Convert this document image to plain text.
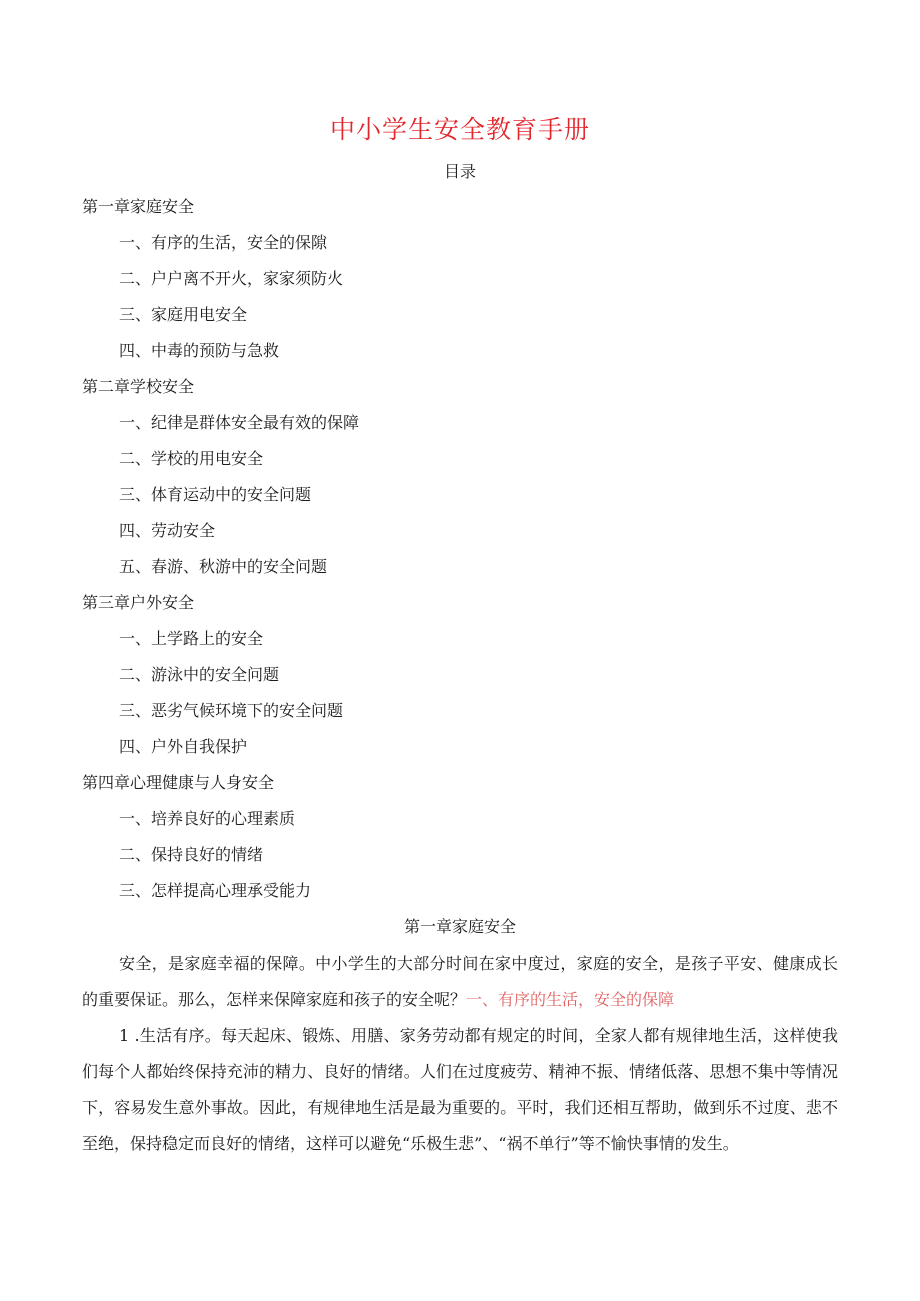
中小学生安全教育手册
目录
第一章家庭安全
一、有序的生活，安全的保隙
二、户户离不开火，家家须防火
三、家庭用电安全
四、中毒的预防与急救
第二章学校安全
一、纪律是群体安全最有效的保障
二、学校的用电安全
三、体育运动中的安全问题
四、劳动安全
五、春游、秋游中的安全问题
第三章户外安全
一、上学路上的安全
二、游泳中的安全问题
三、恶劣气候环境下的安全问题
四、户外自我保护
第四章心理健康与人身安全
一、培养良好的心理素质
二、保持良好的情绪
三、怎样提高心理承受能力
第一章家庭安全

安全，是家庭幸福的保障。中小学生的大部分时间在家中度过，家庭的安全，是孩子平安、健康成长的重要保证。那么，怎样来保障家庭和孩子的安全呢？一、有序的生活，安全的保障

1 .生活有序。每天起床、锻炼、用膳、家务劳动都有规定的时间，全家人都有规律地生活，这样使我们每个人都始终保持充沛的精力、良好的情绪。人们在过度疲劳、精神不振、情绪低落、思想不集中等情况下，容易发生意外事故。因此，有规律地生活是最为重要的。平时，我们还相互帮助，做到乐不过度、悲不至绝，保持稳定而良好的情绪，这样可以避免“乐极生悲”、“祸不单行”等不愉快事情的发生。
